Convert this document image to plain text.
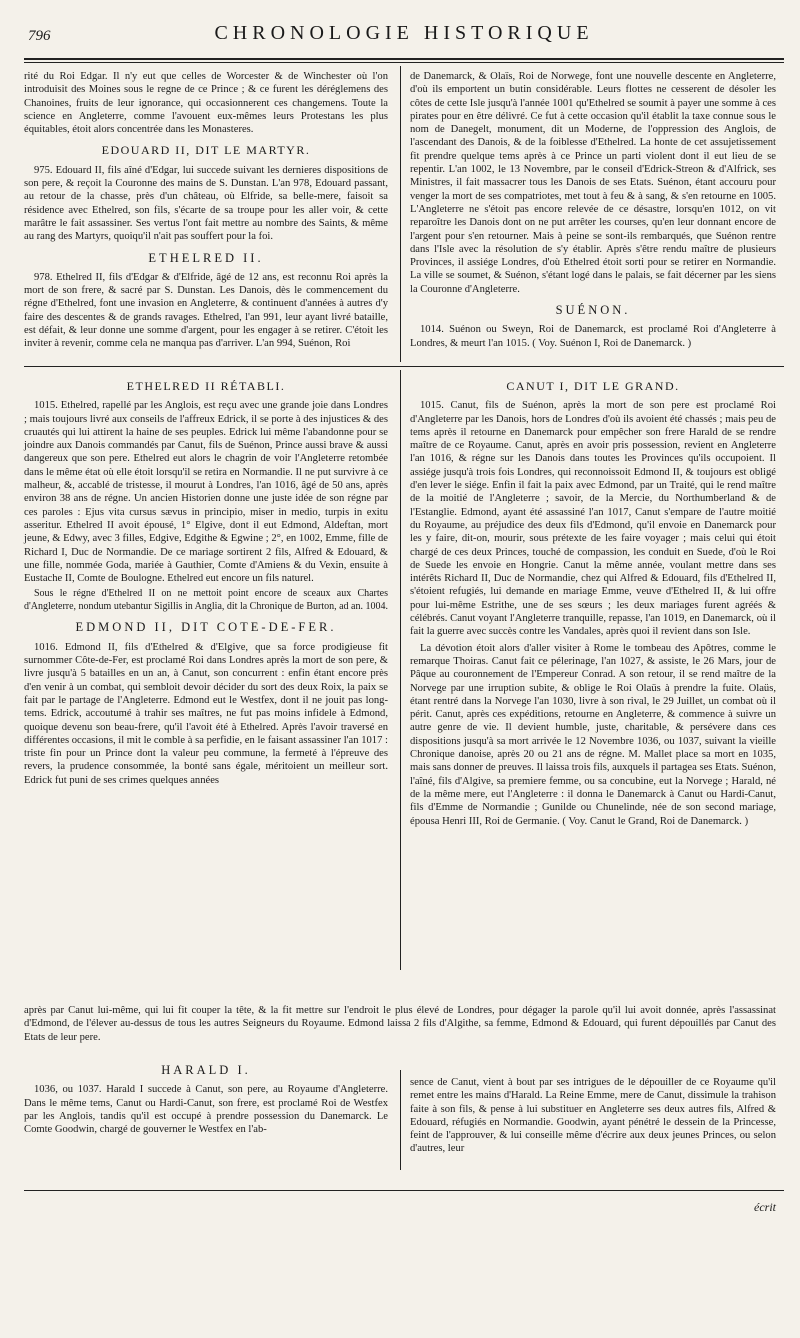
796	CHRONOLOGIE HISTORIQUE

rité du Roi Edgar. Il n'y eut que celles de Worcester & de Winchester où l'on introduisit des Moines sous le regne de ce Prince ; & ce furent les déréglemens des Chanoines, fruits de leur ignorance, qui occasionnerent ces changemens. Toute la science en Angleterre, comme l'avouent eux-mêmes leurs Protestans les plus équitables, étoit alors concentrée dans les Monasteres.

EDOUARD II, DIT LE MARTYR.

975. Edouard II, fils aîné d'Edgar, lui succede suivant les dernieres dispositions de son pere, & reçoit la Couronne des mains de S. Dunstan. L'an 978, Edouard passant, au retour de la chasse, près d'un château, où Elfride, sa belle-mere, faisoit sa résidence avec Ethelred, son fils, s'écarte de sa troupe pour les aller voir, & cette marâtre le fait assassiner. Ses vertus l'ont fait mettre au nombre des Saints, & même au rang des Martyrs, quoiqu'il n'ait pas souffert pour la foi.

ETHELRED II.

978. Ethelred II, fils d'Edgar & d'Elfride, âgé de 12 ans, est reconnu Roi après la mort de son frere, & sacré par S. Dunstan. Les Danois, dès le commencement du régne d'Ethelred, font une invasion en Angleterre, & continuent d'années à autres d'y faire des descentes & de grands ravages. Ethelred, l'an 991, leur ayant livré bataille, est défait, & leur donne une somme d'argent, pour les engager à se retirer. C'étoit les inviter à revenir, comme cela ne manqua pas d'arriver. L'an 994, Suénon, Roi

de Danemarck, & Olaïs, Roi de Norwege, font une nouvelle descente en Angleterre, d'où ils emportent un butin considérable. Leurs flottes ne cesserent de désoler les côtes de cette Isle jusqu'à l'année 1001 qu'Ethelred se soumit à payer une somme à ces pirates pour en être délivré. Ce fut à cette occasion qu'il établit la taxe connue sous le nom de Danegelt, monument, dit un Moderne, de l'oppression des Anglois, de l'ascendant des Danois, & de la foiblesse d'Ethelred. La honte de cet assujetissement fit prendre quelque tems après à ce Prince un parti violent dont il eut lieu de se repentir. L'an 1002, le 13 Novembre, par le conseil d'Edrick-Streon & d'Alfrick, ses Ministres, il fait massacrer tous les Danois de ses Etats. Suénon, étant accouru pour venger la mort de ses compatriotes, met tout à feu & à sang, & s'en retourne en 1005. L'Angleterre ne s'étoit pas encore relevée de ce désastre, lorsqu'en 1012, on vit reparoître les Danois dont on ne put arrêter les courses, qu'en leur donnant encore de l'argent pour s'en retourner. Mais à peine se sont-ils rembarqués, que Suénon rentre dans l'Isle avec la résolution de s'y établir. Après s'être rendu maître de plusieurs Provinces, il assiége Londres, d'où Ethelred étoit sorti pour se retirer en Normandie. La ville se soumet, & Suénon, s'étant logé dans le palais, se fait décerner par les siens la Couronne d'Angleterre.

SUÉNON.

1014. Suénon ou Sweyn, Roi de Danemarck, est proclamé Roi d'Angleterre à Londres, & meurt l'an 1015. ( Voy. Suénon I, Roi de Danemarck. )

ETHELRED II RÉTABLI.

1015. Ethelred, rapellé par les Anglois, est reçu avec une grande joie dans Londres ; mais toujours livré aux conseils de l'affreux Edrick, il se porte à des injustices & des cruautés qui lui attirent la haine de ses peuples. Edrick lui même l'abandonne pour se joindre aux Danois commandés par Canut, fils de Suénon, Prince aussi brave & aussi dangereux que son pere. Ethelred eut alors le chagrin de voir l'Angleterre retombée dans le même état où elle étoit lorsqu'il se retira en Normandie. Il ne put survivre à ce malheur, &, accablé de tristesse, il mourut à Londres, l'an 1016, âgé de 50 ans, après environ 38 ans de régne. Un ancien Historien donne une juste idée de son régne par ces paroles : Ejus vita cursus sævus in principio, miser in medio, turpis in exitu asseritur. Ethelred II avoit épousé, 1° Elgive, dont il eut Edmond, Aldeftan, mort jeune, & Edwy, avec 3 filles, Edgive, Edgithe & Egwine ; 2°, en 1002, Emme, fille de Richard I, Duc de Normandie. De ce mariage sortirent 2 fils, Alfred & Edouard, & une fille, nommée Goda, mariée à Gauthier, Comte d'Amiens & du Vexin, ensuite à Eustache II, Comte de Boulogne. Ethelred eut encore un fils naturel.

Sous le régne d'Ethelred II on ne mettoit point encore de sceaux aux Chartes d'Angleterre, nondum utebantur Sigillis in Anglia, dit la Chronique de Burton, ad an. 1004.

EDMOND II, DIT COTE-DE-FER.

1016. Edmond II, fils d'Ethelred & d'Elgive, que sa force prodigieuse fit surnommer Côte-de-Fer, est proclamé Roi dans Londres après la mort de son pere, & livre jusqu'à 5 batailles en un an, à Canut, son concurrent : enfin étant encore près d'en venir à un combat, qui sembloit devoir décider du sort des deux Roix, la paix se fait par le partage de l'Angleterre. Edmond eut le Westfex, dont il ne jouit pas long-tems. Edrick, accoutumé à trahir ses maîtres, ne fut pas moins infidele à Edmond, quoique devenu son beau-frere, qu'il l'avoit été à Ethelred. Après l'avoir traversé en différentes occasions, il mit le comble à sa perfidie, en le faisant assassiner l'an 1017 : triste fin pour un Prince dont la valeur peu commune, la fermeté à l'épreuve des revers, la prudence consommée, la bonté sans égale, méritoient un meilleur sort. Edrick fut puni de ses crimes quelques années

CANUT I, DIT LE GRAND.

1015. Canut, fils de Suénon, après la mort de son pere est proclamé Roi d'Angleterre par les Danois, hors de Londres d'où ils avoient été chassés ; mais peu de tems après il retourne en Danemarck pour empêcher son frere Harald de se rendre maître de ce Royaume. Canut, après en avoir pris possession, revient en Angleterre l'an 1016, & régne sur les Danois dans toutes les Provinces qu'ils occupoient. Il assiége jusqu'à trois fois Londres, qui reconnoissoit Edmond II, & toujours est obligé d'en lever le siége. Enfin il fait la paix avec Edmond, par un Traité, qui le rend maître de la moitié de l'Angleterre ; savoir, de la Mercie, du Northumberland & de l'Estanglie. Edmond, ayant été assassiné l'an 1017, Canut s'empare de l'autre moitié du Royaume, au préjudice des deux fils d'Edmond, qu'il envoie en Danemarck pour les y faire, dit-on, mourir, sous prétexte de les faire voyager ; mais celui qui étoit chargé de ces deux Princes, touché de compassion, les conduit en Suede, d'où le Roi de Suede les envoie en Hongrie. Canut la même année, voulant mettre dans ses intérêts Richard II, Duc de Normandie, chez qui Alfred & Edouard, fils d'Ethelred II, s'étoient refugiés, lui demande en mariage Emme, veuve d'Ethelred II, & lui offre pour lui-même Estrithe, une de ses sœurs ; les deux mariages furent agréés & célébrés. Canut voyant l'Angleterre tranquille, repasse, l'an 1019, en Danemarck, où il fait la guerre avec succès contre les Vandales, après quoi il revient dans son Isle.

La dévotion étoit alors d'aller visiter à Rome le tombeau des Apôtres, comme le remarque Thoiras. Canut fait ce pélerinage, l'an 1027, & assiste, le 26 Mars, jour de Pâque au couronnement de l'Empereur Conrad. A son retour, il se rend maître de la Norvege par une irruption subite, & oblige le Roi Olaüs à prendre la fuite. Olaüs, étant rentré dans la Norvege l'an 1030, livre à son rival, le 29 Juillet, un combat où il périt. Canut, après ces expéditions, retourne en Angleterre, & commence à suivre un autre genre de vie. Il devient humble, juste, charitable, & persévere dans ces dispositions jusqu'à sa mort arrivée le 12 Novembre 1036, ou 1037, suivant la vieille Chronique danoise, après 20 ou 21 ans de régne. M. Mallet place sa mort en 1035, mais sans donner de preuves. Il laissa trois fils, auxquels il partagea ses Etats. Suénon, l'aîné, fils d'Algive, sa premiere femme, ou sa concubine, eut la Norvege ; Harald, né de la même mere, eut l'Angleterre : il donna le Danemarck à Canut ou Hardi-Canut, fils d'Emme de Normandie ; Gunilde ou Chunelinde, née de son second mariage, épousa Henri III, Roi de Germanie. ( Voy. Canut le Grand, Roi de Danemarck. )

après par Canut lui-même, qui lui fit couper la tête, & la fit mettre sur l'endroit le plus élevé de Londres, pour dégager la parole qu'il lui avoit donnée, après l'assassinat d'Edmond, de l'élever au-dessus de tous les autres Seigneurs du Royaume. Edmond laissa 2 fils d'Algithe, sa femme, Edmond & Edouard, qui furent dépouillés par Canut des Etats de leur pere.
HARALD I.

1036, ou 1037. Harald I succede à Canut, son pere, au Royaume d'Angleterre. Dans le même tems, Canut ou Hardi-Canut, son frere, est proclamé Roi de Westfex par les Anglois, tandis qu'il est occupé à prendre possession du Danemarck. Le Comte Goodwin, chargé de gouverner le Westfex en l'ab-

sence de Canut, vient à bout par ses intrigues de le dépouiller de ce Royaume qu'il remet entre les mains d'Harald. La Reine Emme, mere de Canut, dissimule la trahison faite à son fils, & pense à lui substituer en Angleterre ses deux autres fils, Alfred & Edouard, réfugiés en Normandie. Goodwin, ayant pénétré le dessein de la Princesse, feint de l'approuver, & lui conseille même d'écrire aux deux jeunes Princes, ou selon d'autres, leur

écrit
